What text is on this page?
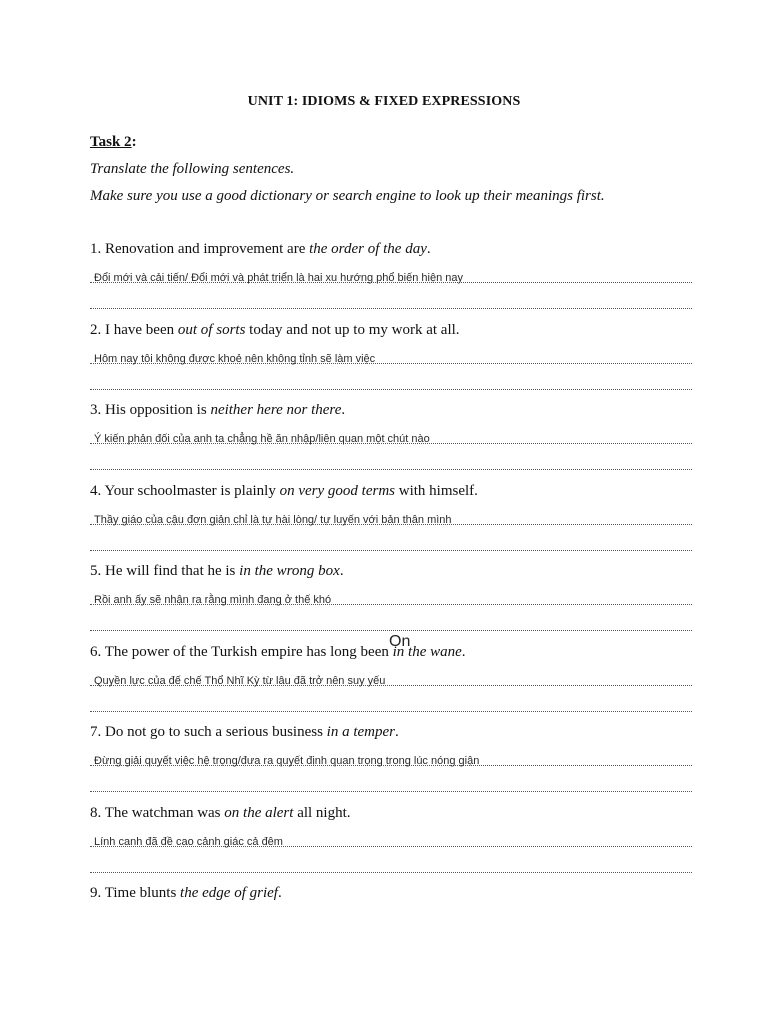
UNIT 1: IDIOMS & FIXED EXPRESSIONS
Task 2:
Translate the following sentences.
Make sure you use a good dictionary or search engine to look up their meanings first.
1. Renovation and improvement are the order of the day.
Đổi mới và cải tiến/ Đổi mới và phát triển là hai xu hướng phổ biến hiện nay
2. I have been out of sorts today and not up to my work at all.
Hôm nay tôi không được khoẻ nên không tỉnh sẽ làm việc
3. His opposition is neither here nor there.
Ý kiến phản đối của anh ta chẳng hề ăn nhập/liên quan một chút nào
4. Your schoolmaster is plainly on very good terms with himself.
Thầy giáo của cậu đơn giản chỉ là tự hài lòng/ tự luyến với bản thân mình
5. He will find that he is in the wrong box.
Rồi anh ấy sẽ nhận ra rằng mình đang ở thế khó
6. The power of the Turkish empire has long been in the wane.
Quyền lực của đế chế Thổ Nhĩ Kỳ từ lâu đã trở nên suy yếu
7. Do not go to such a serious business in a temper.
Đừng giải quyết việc hệ trọng/đưa ra quyết định quan trọng trong lúc nóng giận
8. The watchman was on the alert all night.
Lính canh đã đề cao cảnh giác cả đêm
9. Time blunts the edge of grief.
On
